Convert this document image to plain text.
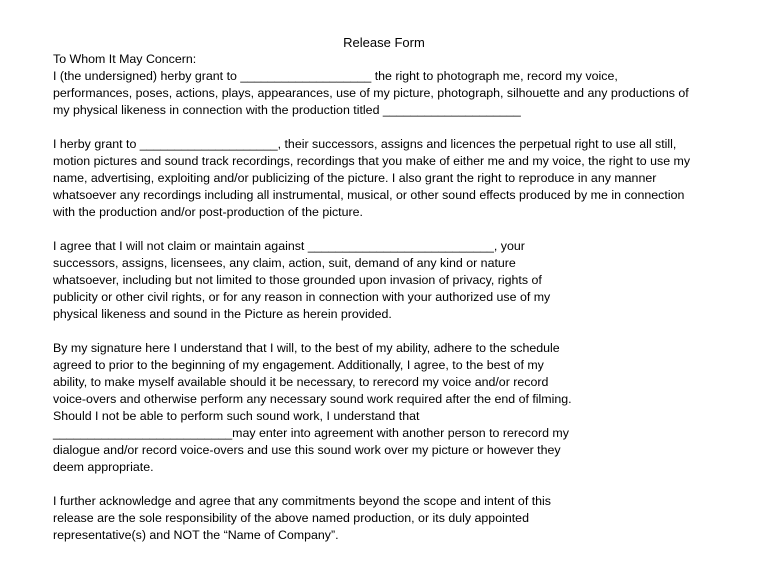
Release Form
To Whom It May Concern:
I (the undersigned) herby grant to ___________________ the right to photograph me, record my voice,
performances, poses, actions, plays, appearances, use of my picture, photograph, silhouette and any productions of
my physical likeness in connection with the production titled ____________________
I herby grant to ____________________, their successors, assigns and licences the perpetual right to use all still,
motion pictures and sound track recordings, recordings that you make of either me and my voice, the right to use my
name, advertising, exploiting and/or publicizing of the picture. I also grant the right to reproduce in any manner
whatsoever any recordings including all instrumental, musical, or other sound effects produced by me in connection
with the production and/or post-production of the picture.
I agree that I will not claim or maintain against ___________________________, your
successors, assigns, licensees, any claim, action, suit, demand of any kind or nature
whatsoever, including but not limited to those grounded upon invasion of privacy, rights of
publicity or other civil rights, or for any reason in connection with your authorized use of my
physical likeness and sound in the Picture as herein provided.
By my signature here I understand that I will, to the best of my ability, adhere to the schedule
agreed to prior to the beginning of my engagement. Additionally, I agree, to the best of my
ability, to make myself available should it be necessary, to rerecord my voice and/or record
voice-overs and otherwise perform any necessary sound work required after the end of filming.
Should I not be able to perform such sound work, I understand that
__________________________may enter into agreement with another person to rerecord my
dialogue and/or record voice-overs and use this sound work over my picture or however they
deem appropriate.
I further acknowledge and agree that any commitments beyond the scope and intent of this
release are the sole responsibility of the above named production, or its duly appointed
representative(s) and NOT the “Name of Company”.
